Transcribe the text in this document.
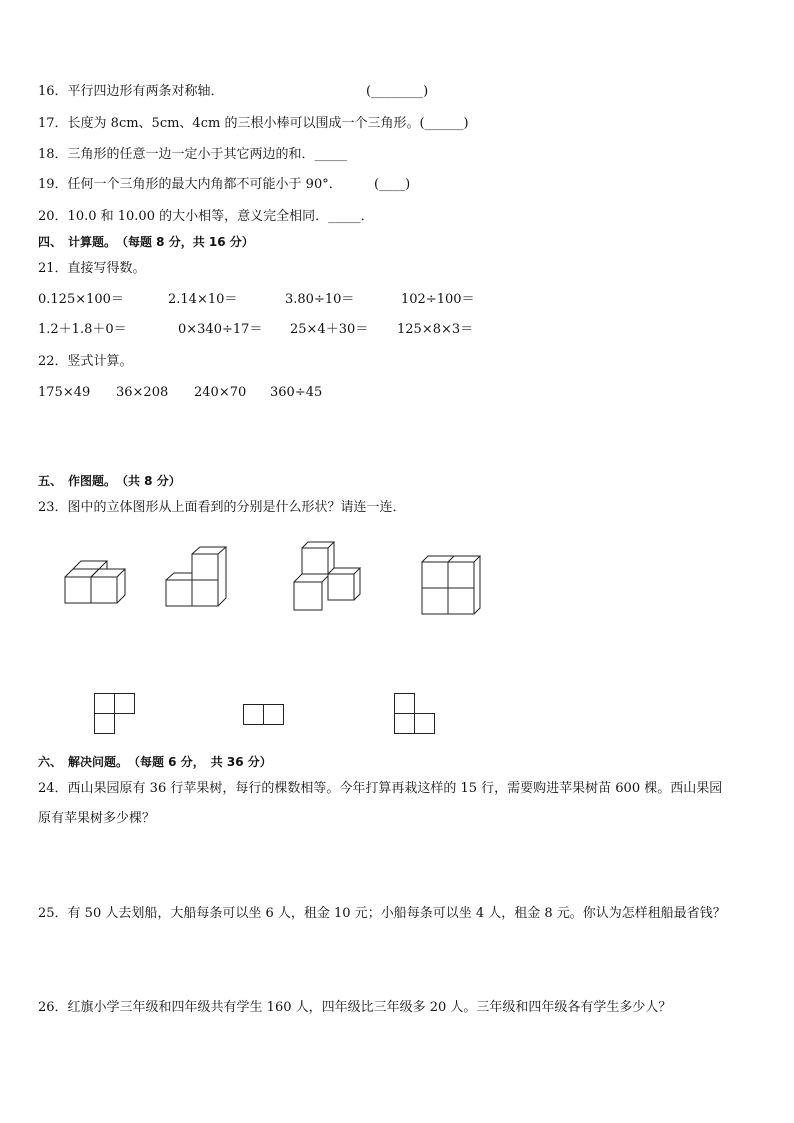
16．平行四边形有两条对称轴．	(________)
17．长度为 8cm、5cm、4cm 的三根小棒可以围成一个三角形。(______)
18．三角形的任意一边一定小于其它两边的和．_____
19．任何一个三角形的最大内角都不可能小于 90°． (____)
20．10.0 和 10.00 的大小相等，意义完全相同．_____．
四、　计算题。　（每题 8 分，共 16 分）
21．直接写得数。
0.125×100＝	2.14×10＝	3.80÷10＝	102÷100＝
1.2＋1.8＋0＝	0×340÷17＝ 25×4＋30＝ 125×8×3＝
22．竖式计算。
175×49 36×208 240×70 360÷45
五、　作图题。　（共 8 分）
23．图中的立体图形从上面看到的分别是什么形状？请连一连．
六、　解决问题。　（每题 6 分，　共 36 分）
24．西山果园原有 36 行苹果树，每行的棵数相等。今年打算再栽这样的 15 行，需要购进苹果树苗 600 棵。西山果园
原有苹果树多少棵？
25．有 50 人去划船，大船每条可以坐 6 人，租金 10 元；小船每条可以坐 4 人，租金 8 元。你认为怎样租船最省钱？
26．红旗小学三年级和四年级共有学生 160 人，四年级比三年级多 20 人。三年级和四年级各有学生多少人？
